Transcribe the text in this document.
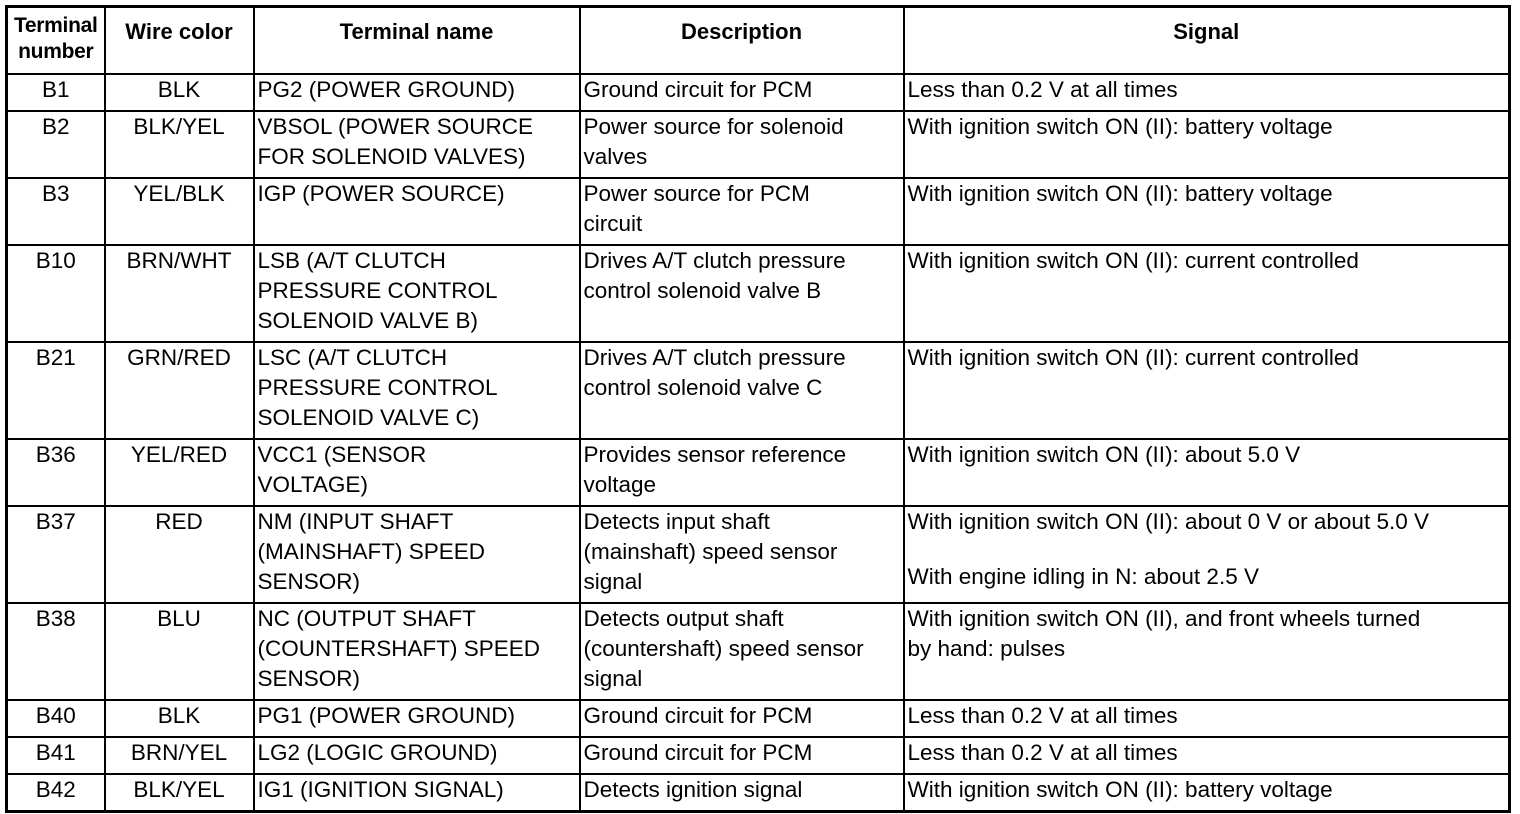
Terminal
number	Wire color	Terminal name	Description	Signal
B1	BLK	PG2 (POWER GROUND)	Ground circuit for PCM	Less than 0.2 V at all times

B2	BLK/YEL	VBSOL (POWER SOURCE
FOR SOLENOID VALVES)	Power source for solenoid
valves	With ignition switch ON (II): battery voltage

B3	YEL/BLK	IGP (POWER SOURCE)	Power source for PCM
circuit	With ignition switch ON (II): battery voltage

B10	BRN/WHT	LSB (A/T CLUTCH
PRESSURE CONTROL
SOLENOID VALVE B)	Drives A/T clutch pressure
control solenoid valve B	With ignition switch ON (II): current controlled

B21	GRN/RED	LSC (A/T CLUTCH
PRESSURE CONTROL
SOLENOID VALVE C)	Drives A/T clutch pressure
control solenoid valve C	With ignition switch ON (II): current controlled

B36	YEL/RED	VCC1 (SENSOR
VOLTAGE)	Provides sensor reference
voltage	With ignition switch ON (II): about 5.0 V

B37	RED	NM (INPUT SHAFT
(MAINSHAFT) SPEED
SENSOR)	Detects input shaft
(mainshaft) speed sensor
signal	With ignition switch ON (II): about 0 V or about 5.0 V
With engine idling in N: about 2.5 V

B38	BLU	NC (OUTPUT SHAFT
(COUNTERSHAFT) SPEED
SENSOR)	Detects output shaft
(countershaft) speed sensor
signal	With ignition switch ON (II), and front wheels turned
by hand: pulses

B40	BLK	PG1 (POWER GROUND)	Ground circuit for PCM	Less than 0.2 V at all times

B41	BRN/YEL	LG2 (LOGIC GROUND)	Ground circuit for PCM	Less than 0.2 V at all times

B42	BLK/YEL	IG1 (IGNITION SIGNAL)	Detects ignition signal	With ignition switch ON (II): battery voltage
